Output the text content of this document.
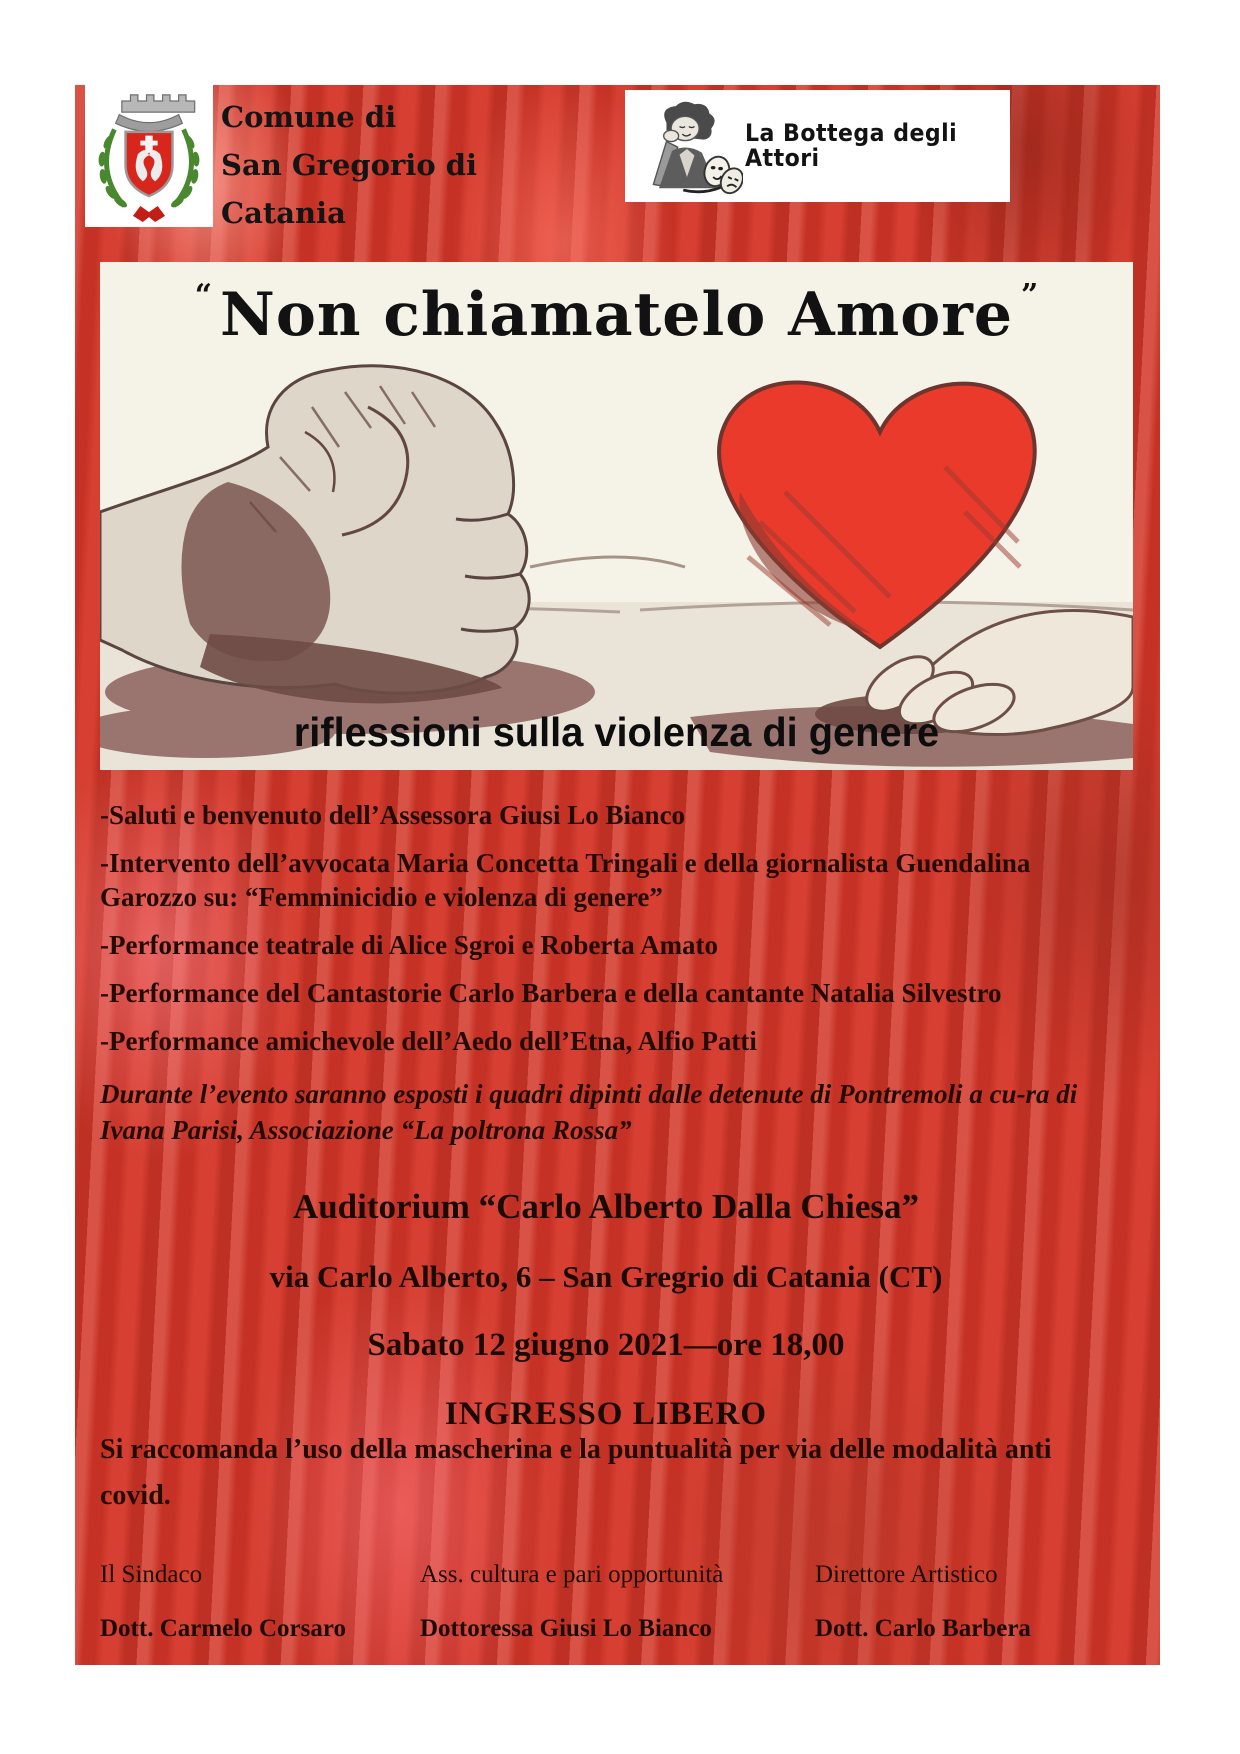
Comune di
San Gregorio di
Catania
La Bottega degli Attori
“ Non chiamatelo Amore ”
riflessioni sulla violenza di genere
-Saluti e benvenuto dell’Assessora Giusi Lo Bianco
-Intervento dell’avvocata Maria Concetta Tringali e della giornalista Guendalina Garozzo su: “Femminicidio e violenza di genere”
-Performance teatrale di Alice Sgroi e Roberta Amato
-Performance del Cantastorie Carlo Barbera e della cantante Natalia Silvestro
-Performance amichevole dell’Aedo dell’Etna, Alfio Patti
Durante l’evento saranno esposti i quadri dipinti dalle detenute di Pontremoli a cu-ra di Ivana Parisi, Associazione “La poltrona Rossa”
Auditorium “Carlo Alberto Dalla Chiesa”
via Carlo Alberto, 6 – San Gregrio di Catania (CT)
Sabato 12 giugno 2021—ore 18,00
INGRESSO LIBERO
Si raccomanda l’uso della mascherina e la puntualità per via delle modalità anti covid.
Il Sindaco	Ass. cultura e pari opportunità	Direttore Artistico
Dott. Carmelo Corsaro	Dottoressa Giusi Lo Bianco	Dott. Carlo Barbera
